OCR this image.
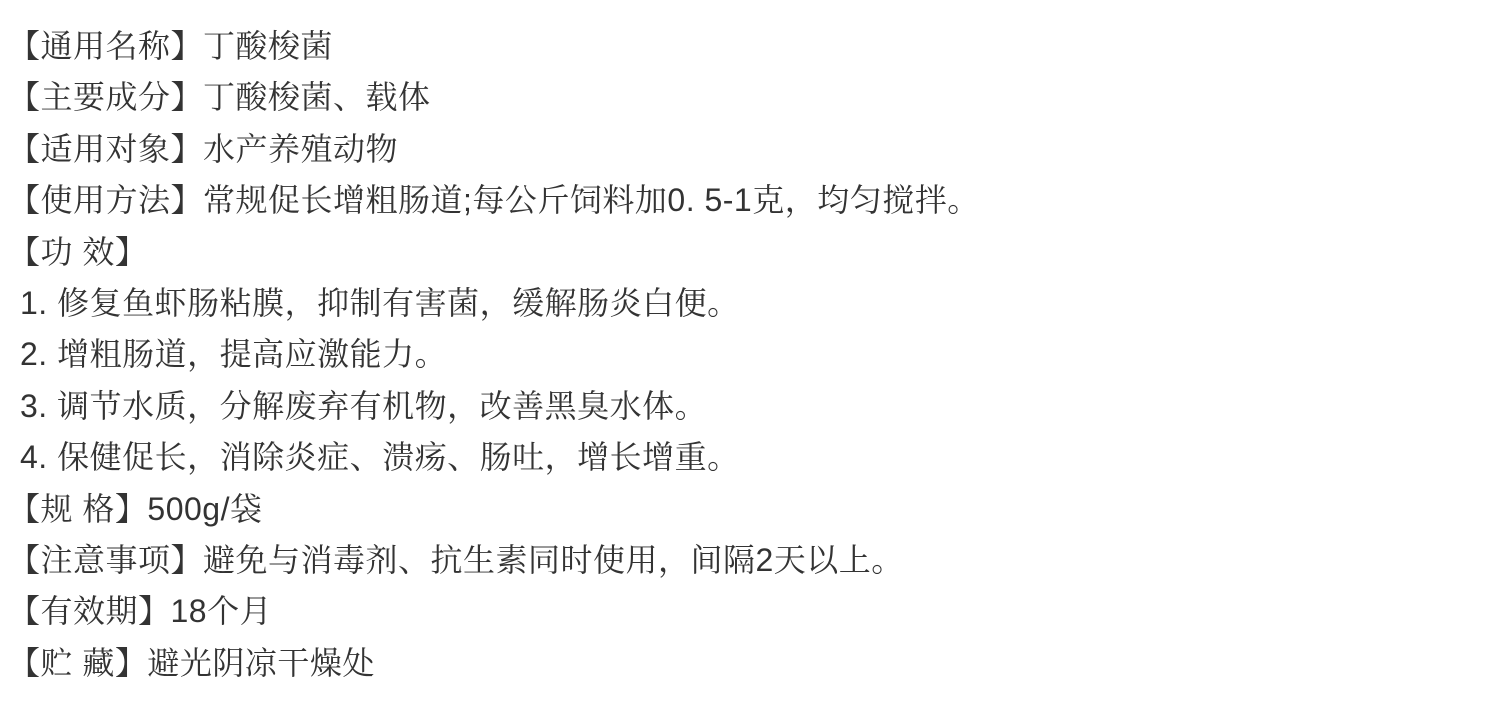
【通用名称】丁酸梭菌

【主要成分】丁酸梭菌、载体

【适用对象】水产养殖动物

【使用方法】常规促长增粗肠道;每公斤饲料加0. 5-1克，均匀搅拌。

【功 效】

1. 修复鱼虾肠粘膜，抑制有害菌，缓解肠炎白便。

2. 增粗肠道，提高应激能力。

3. 调节水质，分解废弃有机物，改善黑臭水体。

4. 保健促长，消除炎症、溃疡、肠吐，增长增重。

【规 格】500g/袋

【注意事项】避免与消毒剂、抗生素同时使用，间隔2天以上。

【有效期】18个月

【贮 藏】避光阴凉干燥处
